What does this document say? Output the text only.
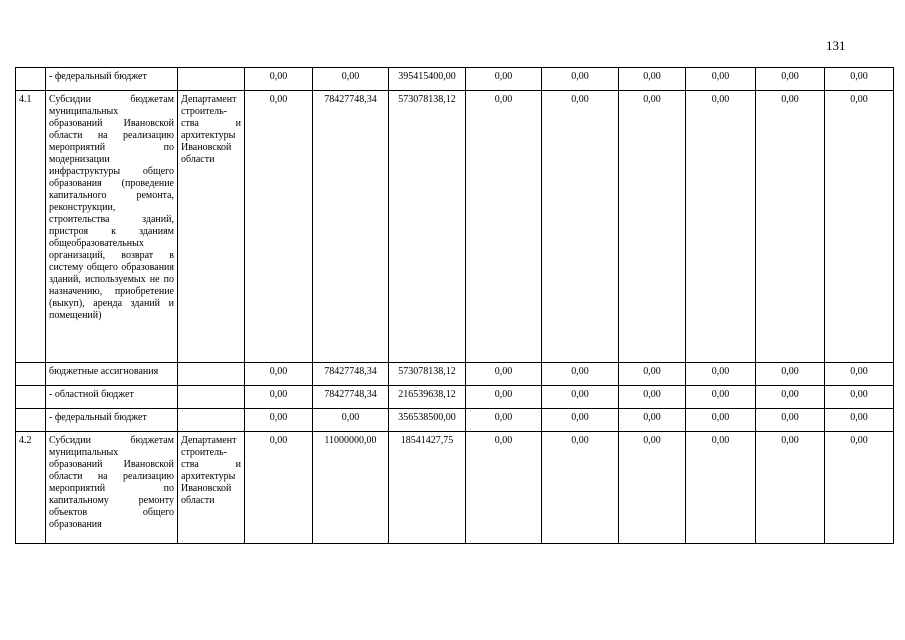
131
	- федеральный бюджет		0,00	0,00	395415400,00	0,00	0,00	0,00	0,00	0,00	0,00
4.1	Субсидии бюджетам муниципальных образований Ивановской области на реализацию мероприятий по модернизации инфраструктуры общего образования (проведение капитального ремонта, реконструкции, строительства зданий, пристроя к зданиям общеобразовательных организаций, возврат в систему общего образования зданий, используемых не по назначению, приобретение (выкуп), аренда зданий и помещений)	Департамент строитель-ства и архитектуры Ивановской области	0,00	78427748,34	573078138,12	0,00	0,00	0,00	0,00	0,00	0,00
	бюджетные ассигнования		0,00	78427748,34	573078138,12	0,00	0,00	0,00	0,00	0,00	0,00
	- областной бюджет		0,00	78427748,34	216539638,12	0,00	0,00	0,00	0,00	0,00	0,00
	- федеральный бюджет		0,00	0,00	356538500,00	0,00	0,00	0,00	0,00	0,00	0,00
4.2	Субсидии бюджетам муниципальных образований Ивановской области на реализацию мероприятий по капитальному ремонту объектов общего образования	Департамент строитель-ства и архитектуры Ивановской области	0,00	11000000,00	18541427,75	0,00	0,00	0,00	0,00	0,00	0,00
